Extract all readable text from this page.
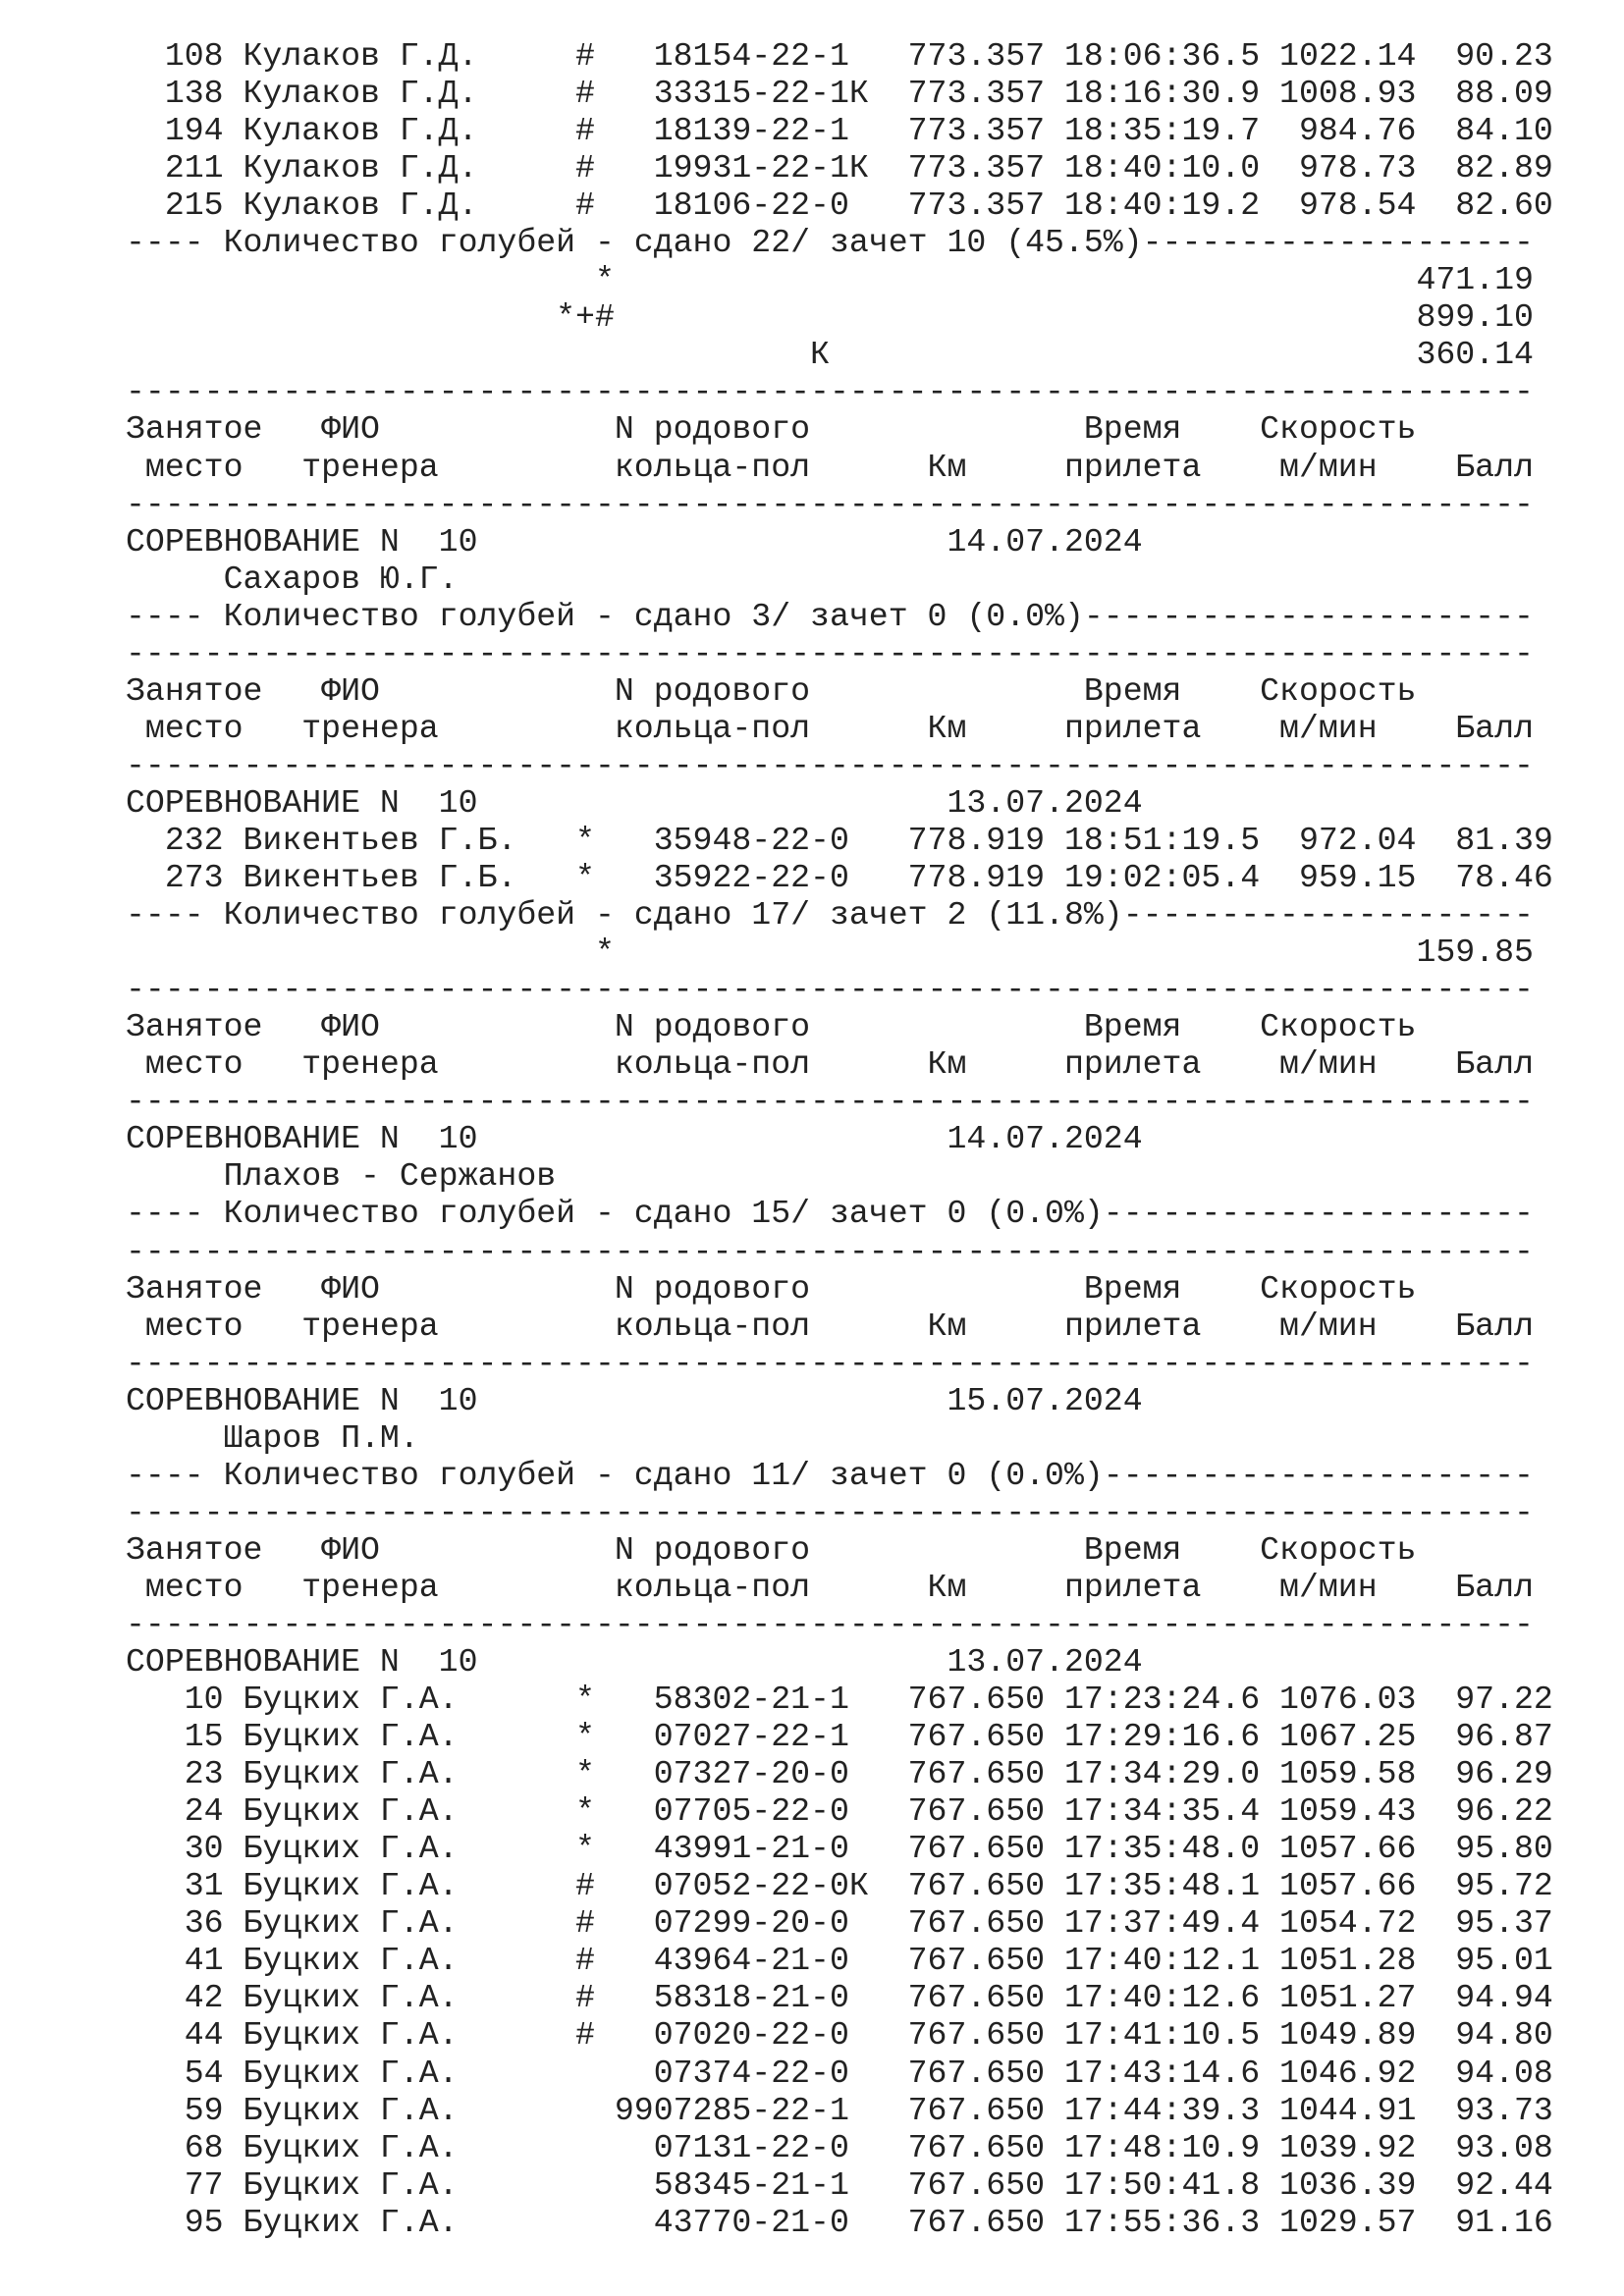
108 Кулаков Г.Д.     #   18154-22-1   773.357 18:06:36.5 1022.14  90.23
138 Кулаков Г.Д.     #   33315-22-1К  773.357 18:16:30.9 1008.93  88.09
194 Кулаков Г.Д.     #   18139-22-1   773.357 18:35:19.7  984.76  84.10
211 Кулаков Г.Д.     #   19931-22-1К  773.357 18:40:10.0  978.73  82.89
215 Кулаков Г.Д.     #   18106-22-0   773.357 18:40:19.2  978.54  82.60
---- Количество голубей - сдано 22/ зачет 10 (45.5%)--------------------
*                                         471.19
*+#                                         899.10
К                              360.14
------------------------------------------------------------------------
Занятое   ФИО            N родового              Время    Скорость
место   тренера         кольца-пол      Км     прилета    м/мин    Балл
------------------------------------------------------------------------
СОРЕВНОВАНИЕ N  10                        14.07.2024
Сахаров Ю.Г.
---- Количество голубей - сдано 3/ зачет 0 (0.0%)-----------------------
------------------------------------------------------------------------
Занятое   ФИО            N родового              Время    Скорость
место   тренера         кольца-пол      Км     прилета    м/мин    Балл
------------------------------------------------------------------------
СОРЕВНОВАНИЕ N  10                        13.07.2024
232 Викентьев Г.Б.   *   35948-22-0   778.919 18:51:19.5  972.04  81.39
273 Викентьев Г.Б.   *   35922-22-0   778.919 19:02:05.4  959.15  78.46
---- Количество голубей - сдано 17/ зачет 2 (11.8%)---------------------
*                                         159.85
------------------------------------------------------------------------
Занятое   ФИО            N родового              Время    Скорость
место   тренера         кольца-пол      Км     прилета    м/мин    Балл
------------------------------------------------------------------------
СОРЕВНОВАНИЕ N  10                        14.07.2024
Плахов - Сержанов
---- Количество голубей - сдано 15/ зачет 0 (0.0%)----------------------
------------------------------------------------------------------------
Занятое   ФИО            N родового              Время    Скорость
место   тренера         кольца-пол      Км     прилета    м/мин    Балл
------------------------------------------------------------------------
СОРЕВНОВАНИЕ N  10                        15.07.2024
Шаров П.М.
---- Количество голубей - сдано 11/ зачет 0 (0.0%)----------------------
------------------------------------------------------------------------
Занятое   ФИО            N родового              Время    Скорость
место   тренера         кольца-пол      Км     прилета    м/мин    Балл
------------------------------------------------------------------------
СОРЕВНОВАНИЕ N  10                        13.07.2024
10 Буцких Г.А.      *   58302-21-1   767.650 17:23:24.6 1076.03  97.22
15 Буцких Г.А.      *   07027-22-1   767.650 17:29:16.6 1067.25  96.87
23 Буцких Г.А.      *   07327-20-0   767.650 17:34:29.0 1059.58  96.29
24 Буцких Г.А.      *   07705-22-0   767.650 17:34:35.4 1059.43  96.22
30 Буцких Г.А.      *   43991-21-0   767.650 17:35:48.0 1057.66  95.80
31 Буцких Г.А.      #   07052-22-0К  767.650 17:35:48.1 1057.66  95.72
36 Буцких Г.А.      #   07299-20-0   767.650 17:37:49.4 1054.72  95.37
41 Буцких Г.А.      #   43964-21-0   767.650 17:40:12.1 1051.28  95.01
42 Буцких Г.А.      #   58318-21-0   767.650 17:40:12.6 1051.27  94.94
44 Буцких Г.А.      #   07020-22-0   767.650 17:41:10.5 1049.89  94.80
54 Буцких Г.А.          07374-22-0   767.650 17:43:14.6 1046.92  94.08
59 Буцких Г.А.        9907285-22-1   767.650 17:44:39.3 1044.91  93.73
68 Буцких Г.А.          07131-22-0   767.650 17:48:10.9 1039.92  93.08
77 Буцких Г.А.          58345-21-1   767.650 17:50:41.8 1036.39  92.44
95 Буцких Г.А.          43770-21-0   767.650 17:55:36.3 1029.57  91.16
